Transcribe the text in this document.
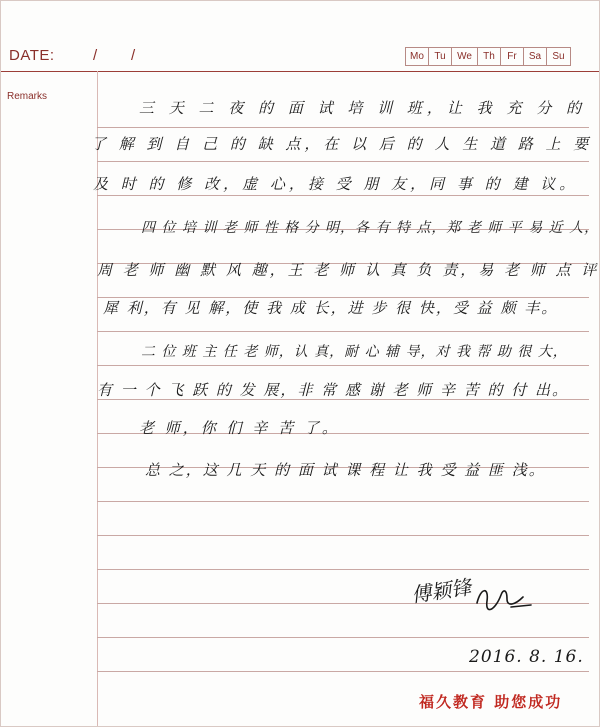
DATE:	/ /	Mo	Tu	We	Th	Fr	Sa	Su
Remarks
三 天 二 夜 的 面 试 培 训 班，让 我 充 分 的
了 解 到 自 己 的 缺 点，在 以 后 的 人 生 道 路 上 要
及 时 的 修 改，虚 心，接 受 朋 友，同 事 的 建 议。
四 位 培 训 老 师 性 格 分 明，各 有 特 点，郑 老 师 平 易 近 人，
周 老 师 幽 默 风 趣，王 老 师 认 真 负 责，易 老 师 点 评
犀 利，有 见 解，使 我 成 长，进 步 很 快，受 益 颇 丰。
二 位 班 主 任 老 师，认 真，耐 心 辅 导，对 我 帮 助 很 大，
有 一 个 飞 跃 的 发 展，非 常 感 谢 老 师 辛 苦 的 付 出。
老 师，你 们 辛 苦 了。
总 之，这 几 天 的 面 试 课 程 让 我 受 益 匪 浅。
傅颖锋
2016. 8. 16.
福久教育 助您成功
